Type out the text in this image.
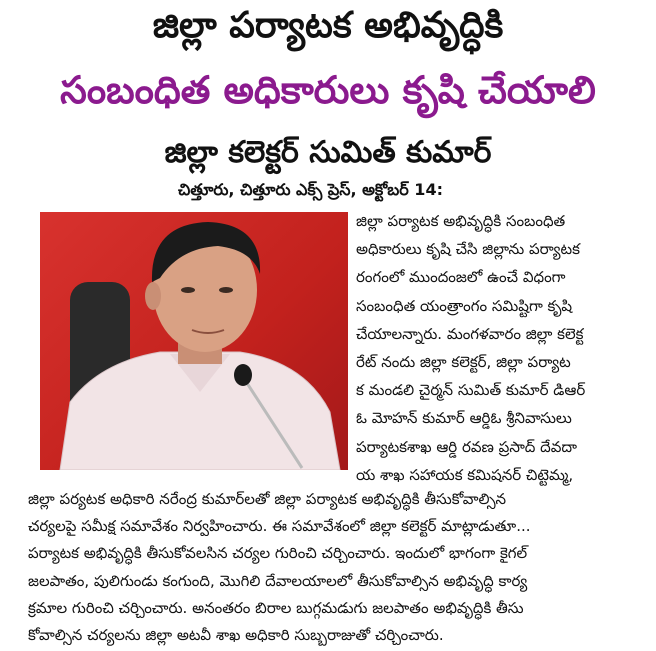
జిల్లా పర్యాటక అభివృద్ధికి
సంబంధిత అధికారులు కృషి చేయాలి
జిల్లా కలెక్టర్ సుమిత్ కుమార్
చిత్తూరు, చిత్తూరు ఎక్స్ ప్రెస్, అక్టోబర్ 14:
జిల్లా పర్యాటక అభివృద్ధికి సంబంధిత
అధికారులు కృషి చేసి జిల్లాను పర్యాటక
రంగంలో ముందంజలో ఉంచే విధంగా
సంబంధిత యంత్రాంగం సమిష్టిగా కృషి
చేయాలన్నారు. మంగళవారం జిల్లా కలెక్ట
రేట్ నందు జిల్లా కలెక్టర్, జిల్లా పర్యాట
క మండలి చైర్మన్ సుమిత్ కుమార్ డిఆర్
ఓ మోహన్ కుమార్ ఆర్డిఓ శ్రీనివాసులు
పర్యాటకశాఖ ఆర్డి రవణ ప్రసాద్ దేవదా
య శాఖ సహాయక కమిషనర్ చిట్టెమ్మ,
జిల్లా పర్యటక అధికారి నరేంద్ర కుమార్‌లతో జిల్లా పర్యాటక అభివృద్ధికి తీసుకోవాల్సిన
చర్యలపై సమీక్ష సమావేశం నిర్వహించారు. ఈ సమావేశంలో జిల్లా కలెక్టర్ మాట్లాడుతూ...
పర్యాటక అభివృద్ధికి తీసుకోవలసిన చర్యల గురించి చర్చించారు. ఇందులో భాగంగా కైగల్
జలపాతం, పులిగుండు కంగుంది, మొగిలి దేవాలయాలలో తీసుకోవాల్సిన అభివృద్ధి కార్య
క్రమాల గురించి చర్చించారు. అనంతరం బిరాల బుగ్గమడుగు జలపాతం అభివృద్ధికి తీసు
కోవాల్సిన చర్యలను జిల్లా అటవీ శాఖ అధికారి సుబ్బరాజుతో చర్చించారు.
